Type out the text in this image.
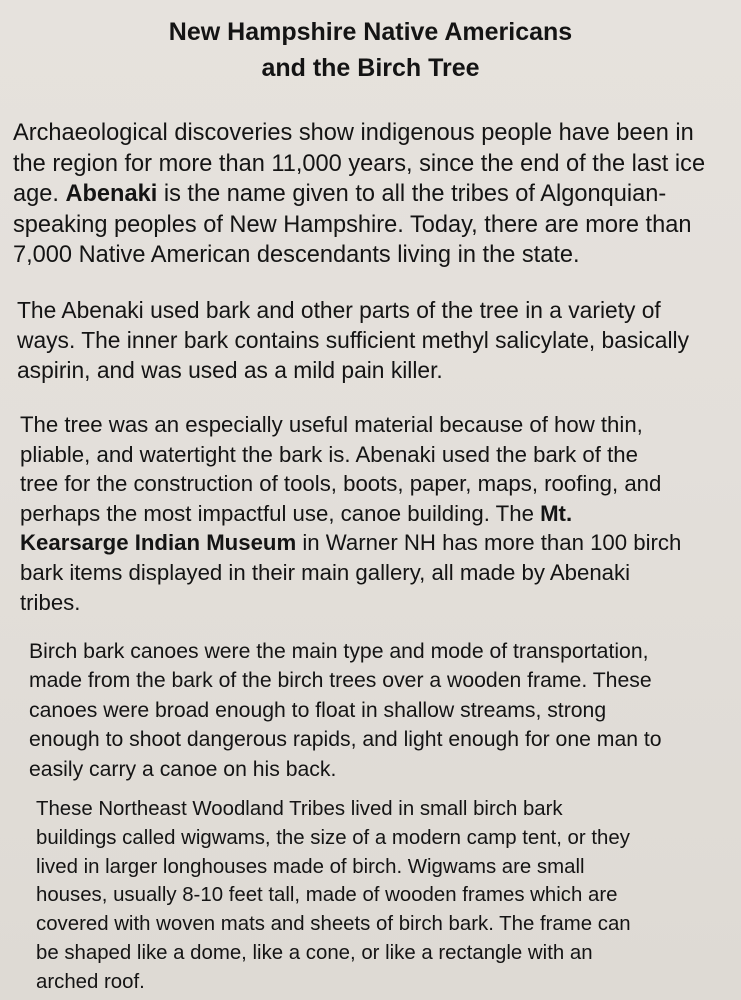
New Hampshire Native Americans
and the Birch Tree
Archaeological discoveries show indigenous people have been in
the region for more than 11,000 years, since the end of the last ice
age. Abenaki is the name given to all the tribes of Algonquian-
speaking peoples of New Hampshire. Today, there are more than
7,000 Native American descendants living in the state.
The Abenaki used bark and other parts of the tree in a variety of
ways. The inner bark contains sufficient methyl salicylate, basically
aspirin, and was used as a mild pain killer.
The tree was an especially useful material because of how thin,
pliable, and watertight the bark is. Abenaki used the bark of the
tree for the construction of tools, boots, paper, maps, roofing, and
perhaps the most impactful use, canoe building. The Mt.
Kearsarge Indian Museum in Warner NH has more than 100 birch
bark items displayed in their main gallery, all made by Abenaki
tribes.
Birch bark canoes were the main type and mode of transportation,
made from the bark of the birch trees over a wooden frame. These
canoes were broad enough to float in shallow streams, strong
enough to shoot dangerous rapids, and light enough for one man to
easily carry a canoe on his back.
These Northeast Woodland Tribes lived in small birch bark
buildings called wigwams, the size of a modern camp tent, or they
lived in larger longhouses made of birch. Wigwams are small
houses, usually 8-10 feet tall, made of wooden frames which are
covered with woven mats and sheets of birch bark. The frame can
be shaped like a dome, like a cone, or like a rectangle with an
arched roof.
